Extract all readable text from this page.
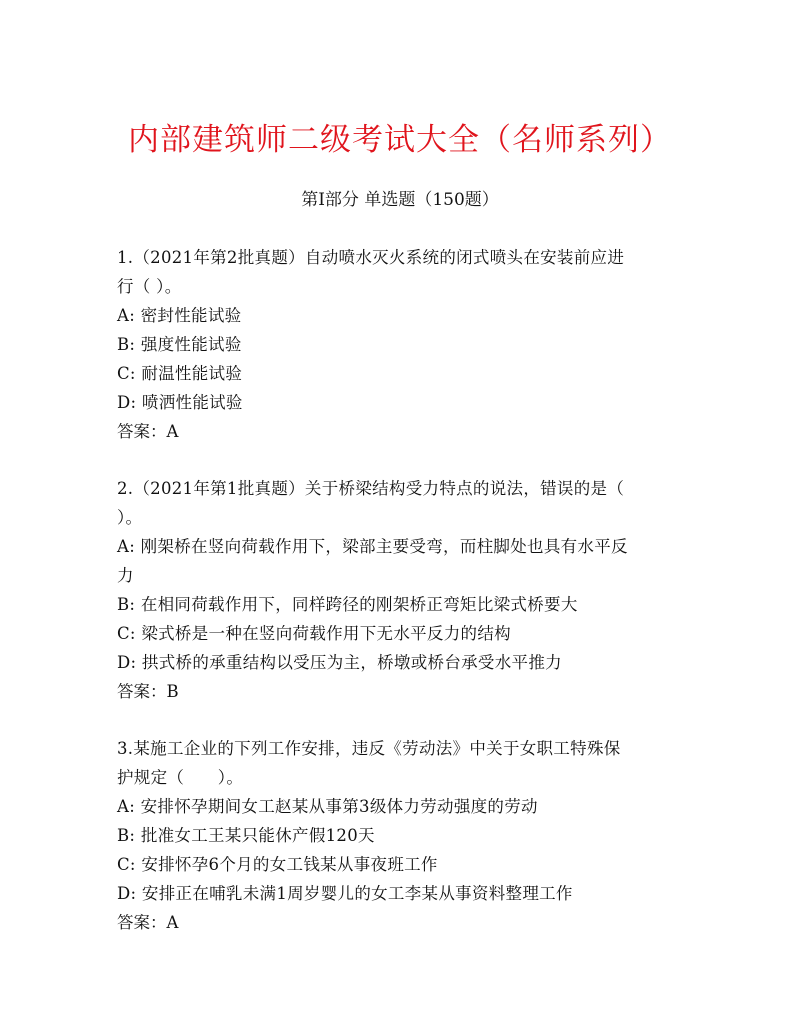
内部建筑师二级考试大全（名师系列）
第Ⅰ部分 单选题（150题）
1.（2021年第2批真题）自动喷水灭火系统的闭式喷头在安装前应进
行（ ）。
A: 密封性能试验
B: 强度性能试验
C: 耐温性能试验
D: 喷洒性能试验
答案：A
2.（2021年第1批真题）关于桥梁结构受力特点的说法，错误的是（
）。
A: 刚架桥在竖向荷载作用下，梁部主要受弯，而柱脚处也具有水平反
力
B: 在相同荷载作用下，同样跨径的刚架桥正弯矩比梁式桥要大
C: 梁式桥是一种在竖向荷载作用下无水平反力的结构
D: 拱式桥的承重结构以受压为主，桥墩或桥台承受水平推力
答案：B
3.某施工企业的下列工作安排，违反《劳动法》中关于女职工特殊保
护规定（　　）。
A: 安排怀孕期间女工赵某从事第3级体力劳动强度的劳动
B: 批准女工王某只能休产假120天
C: 安排怀孕6个月的女工钱某从事夜班工作
D: 安排正在哺乳未满1周岁婴儿的女工李某从事资料整理工作
答案：A
